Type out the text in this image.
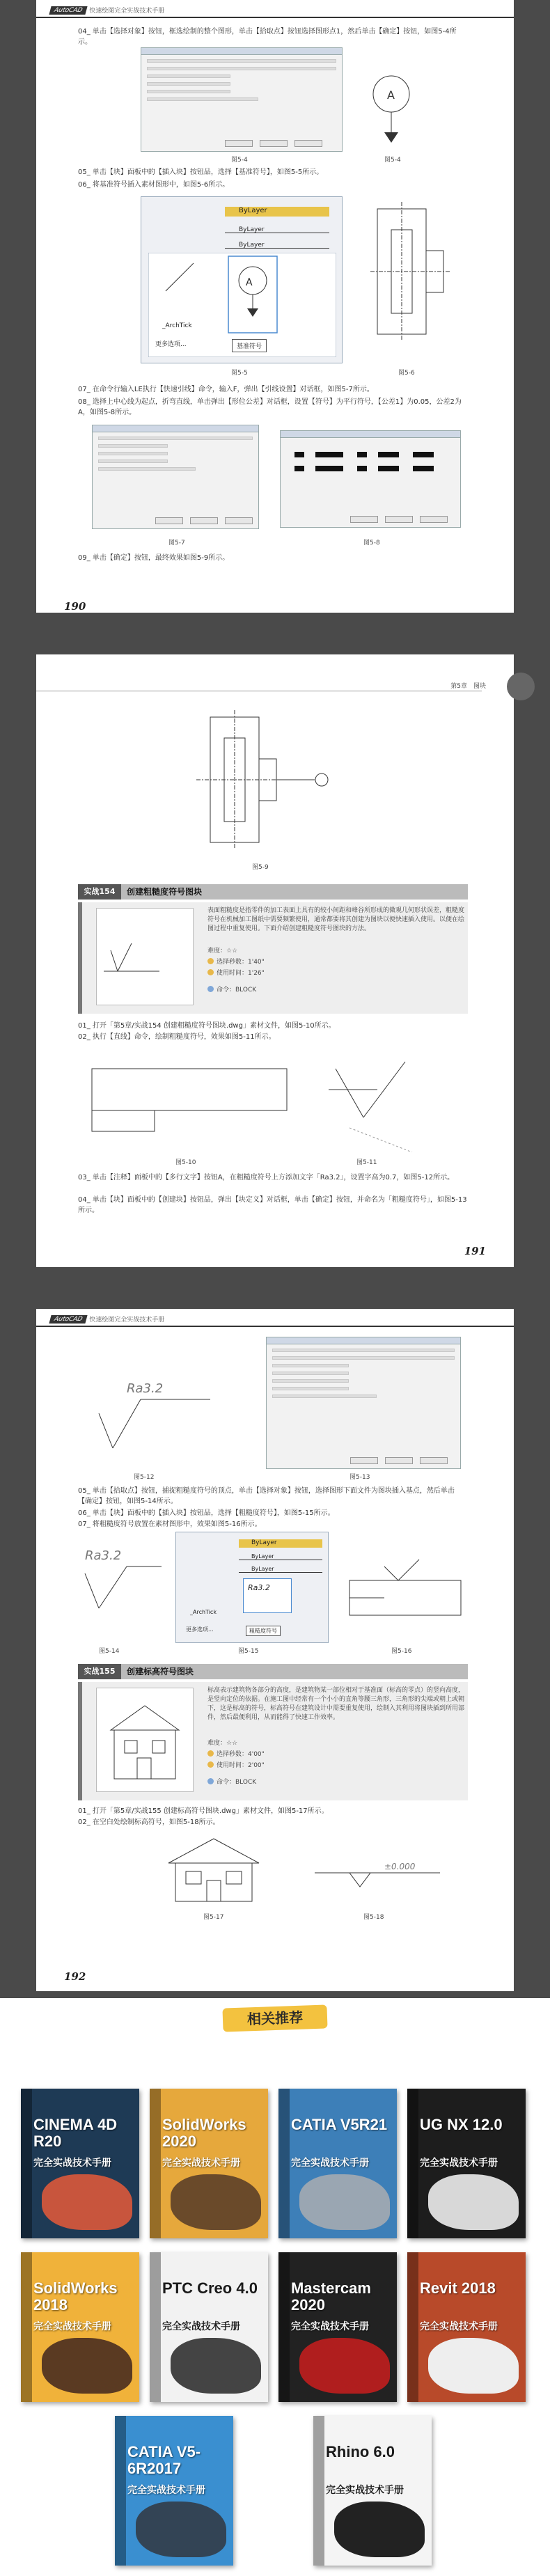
AutoCAD 快速绘图完全实战技术手册
04_ 单击【选择对象】按钮，框选绘制的整个图形，单击【拾取点】按钮选择图形点1，然后单击【确定】按钮，如图5-4所示。
A
图5-4	图5-4
05_ 单击【块】面板中的【插入块】按钮品，选择【基准符号】，如图5-5所示。
06_ 将基准符号插入素材图形中，如图5-6所示。
ByLayer
ByLayer
ByLayer
A
_ArchTick
更多选项...	基准符号
图5-5	图5-6
07_ 在命令行输入LE执行【快速引线】命令，输入F，弹出【引线设置】对话框，如图5-7所示。
08_ 选择上中心线为起点，折弯直线，单击弹出【形位公差】对话框，设置【符号】为平行符号，【公差1】为0.05，公差2为A，如图5-8所示。
图5-7	图5-8
09_ 单击【确定】按钮，最终效果如图5-9所示。
190
第5章　图块
图5-9
实战154	创建粗糙度符号图块
表面粗糙度是指零件的加工表面上具有的较小间距和峰谷所形成的微观几何形状误差，粗糙度符号在机械加工图纸中需要频繁使用，通常都要将其创建为图块以便快速插入使用。以便在绘图过程中重复使用。下面介绍创建粗糙度符号图块的方法。
难度：☆☆
选择秒数：1'40"
使用时间：1'26"
命令：BLOCK
01_ 打开「第5章/实战154 创建粗糙度符号图块.dwg」素材文件，如图5-10所示。
02_ 执行【直线】命令，绘制粗糙度符号，效果如图5-11所示。
图5-10	图5-11
03_ 单击【注释】面板中的【多行文字】按钮A，在粗糙度符号上方添加文字「Ra3.2」，设置字高为0.7，如图5-12所示。
04_ 单击【块】面板中的【创建块】按钮品，弹出【块定义】对话框，单击【确定】按钮，并命名为「粗糙度符号」，如图5-13所示。
191
AutoCAD 快速绘图完全实战技术手册
Ra3.2
图5-12	图5-13
05_ 单击【拾取点】按钮，捕捉粗糙度符号的顶点，单击【选择对象】按钮，选择图形下面文件为图块插入基点，然后单击【确定】按钮，如图5-14所示。
06_ 单击【块】面板中的【插入块】按钮品，选择【粗糙度符号】，如图5-15所示。
07_ 将粗糙度符号放置在素材图形中，效果如图5-16所示。
Ra3.2
ByLayer
ByLayer
ByLayer
Ra3.2
_ArchTick
更多选项...	粗糙度符号
图5-14	图5-15	图5-16
实战155	创建标高符号图块
标高表示建筑物各部分的高度，是建筑物某一部位相对于基准面（标高的零点）的竖向高度，是竖向定位的依据。在施工图中经常有一个小小的直角等腰三角形，三角形的尖端或朝上或朝下，这是标高的符号，标高符号在建筑设计中需要重复使用，绘制入其利用将图块插到所用部件，然后最便利用，从而能得了快速工作效率。
难度：☆☆
选择秒数：4'00"
使用时间：2'00"
命令：BLOCK
01_ 打开「第5章/实战155 创建标高符号图块.dwg」素材文件，如图5-17所示。
02_ 在空白处绘制标高符号，如图5-18所示。
±0.000
图5-17	图5-18
192
相关推荐
CINEMA 4D R20
完全实战技术手册
SolidWorks 2020
完全实战技术手册
CATIA V5R21
完全实战技术手册
UG NX 12.0
完全实战技术手册
SolidWorks 2018
完全实战技术手册
PTC Creo 4.0
完全实战技术手册
Mastercam 2020
完全实战技术手册
Revit 2018
完全实战技术手册
CATIA V5-6R2017
完全实战技术手册
Rhino 6.0
完全实战技术手册
